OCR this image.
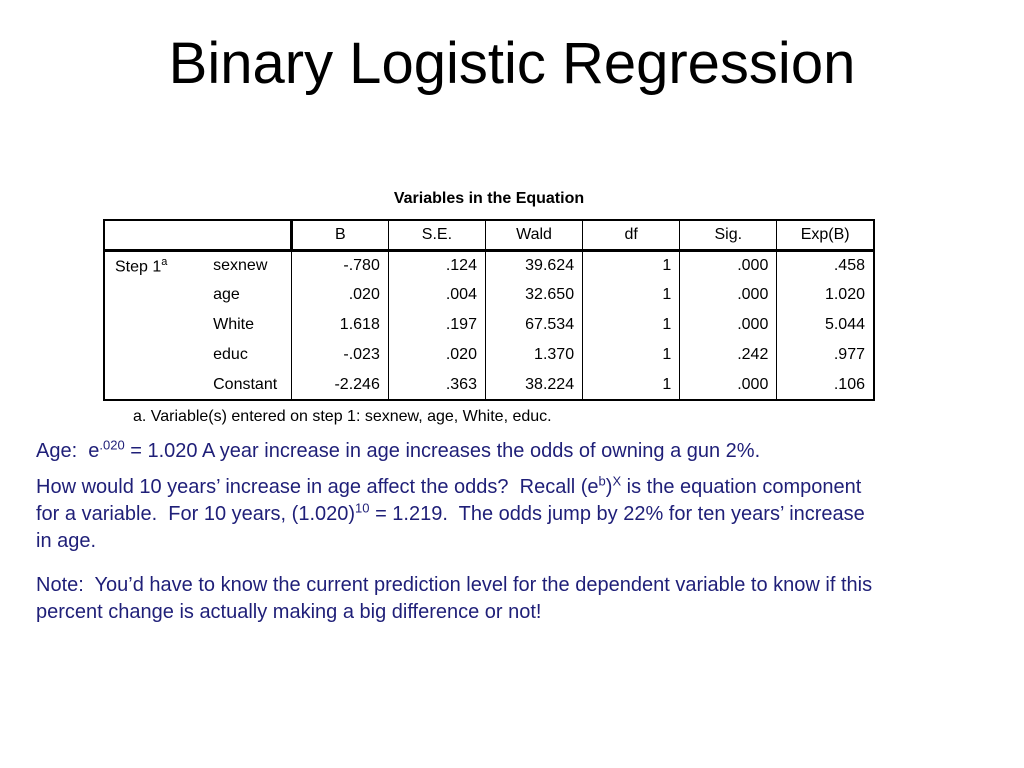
Binary Logistic Regression
Variables in the Equation
		B	S.E.	Wald	df	Sig.	Exp(B)
Step 1$^a$	sexnew	-.780	.124	39.624	1	.000	.458
	age	.020	.004	32.650	1	.000	1.020
	White	1.618	.197	67.534	1	.000	5.044
	educ	-.023	.020	1.370	1	.242	.977
	Constant	-2.246	.363	38.224	1	.000	.106
a. Variable(s) entered on step 1: sexnew, age, White, educ.

Age:  $e^{.020} = 1.020$ A year increase in age increases the odds of owning a gun 2%.

How would 10 years’ increase in age affect the odds?  Recall $(e^b)^X$ is the equation component
for a variable.  For 10 years, $(1.020)^{10} = 1.219$.  The odds jump by 22% for ten years’ increase
in age.

Note:  You’d have to know the current prediction level for the dependent variable to know if this
percent change is actually making a big difference or not!
